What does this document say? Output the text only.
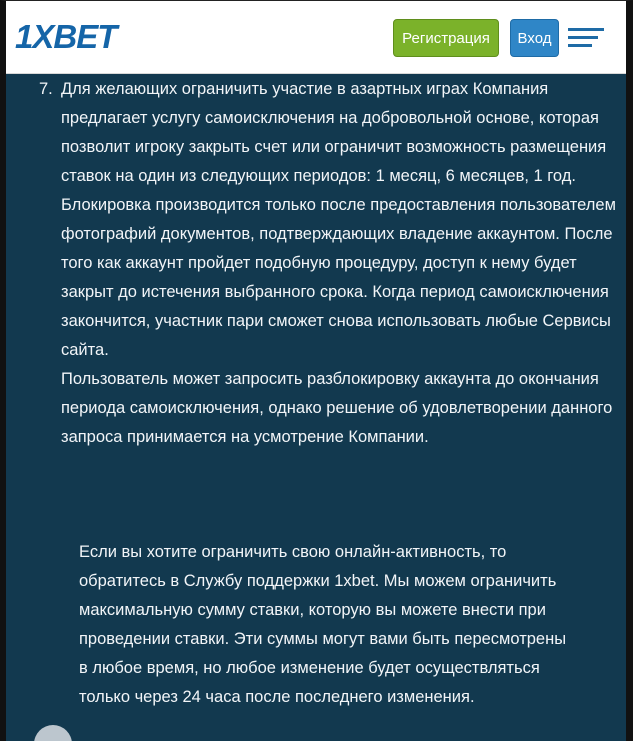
1XBET	Регистрация	Вход
7. Для желающих ограничить участие в азартных играх Компания предлагает услугу самоисключения на добровольной основе, которая позволит игроку закрыть счет или ограничит возможность размещения ставок на один из следующих периодов: 1 месяц, 6 месяцев, 1 год. Блокировка производится только после предоставления пользователем фотографий документов, подтверждающих владение аккаунтом. После того как аккаунт пройдет подобную процедуру, доступ к нему будет закрыт до истечения выбранного срока. Когда период самоисключения закончится, участник пари сможет снова использовать любые Сервисы сайта.

Пользователь может запросить разблокировку аккаунта до окончания периода самоисключения, однако решение об удовлетворении данного запроса принимается на усмотрение Компании.

Если вы хотите ограничить свою онлайн-активность, то обратитесь в Службу поддержки 1xbet. Мы можем ограничить максимальную сумму ставки, которую вы можете внести при проведении ставки. Эти суммы могут вами быть пересмотрены в любое время, но любое изменение будет осуществляться только через 24 часа после последнего изменения.
